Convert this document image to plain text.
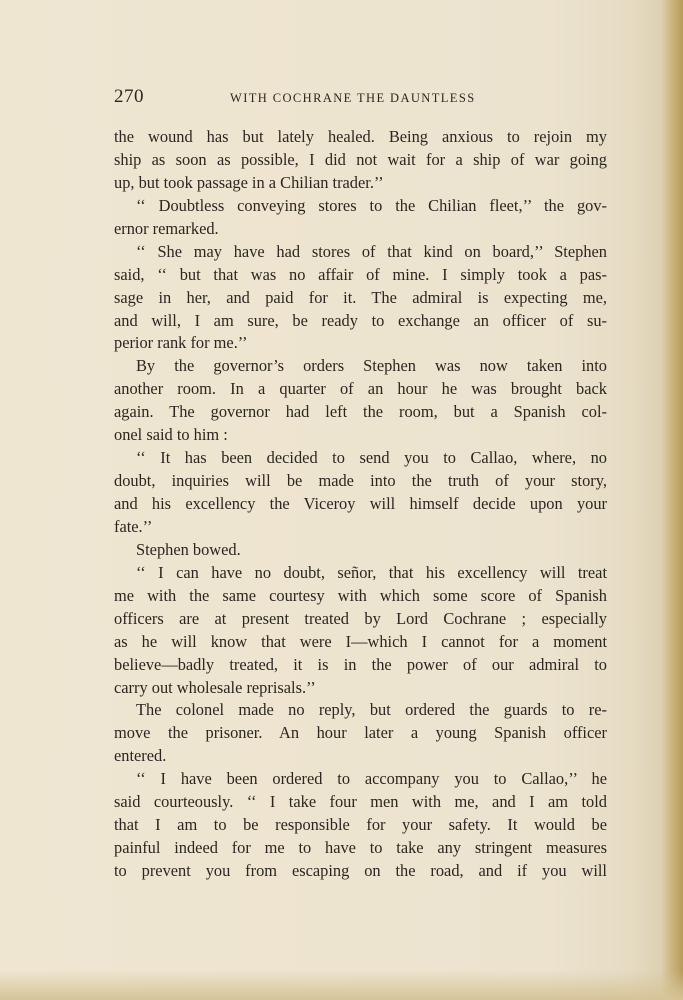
270	WITH COCHRANE THE DAUNTLESS
the wound has but lately healed. Being anxious to rejoin my
ship as soon as possible, I did not wait for a ship of war going
up, but took passage in a Chilian trader.’’
‘‘ Doubtless conveying stores to the Chilian fleet,’’ the gov-
ernor remarked.
‘‘ She may have had stores of that kind on board,’’ Stephen
said, ‘‘ but that was no affair of mine. I simply took a pas-
sage in her, and paid for it. The admiral is expecting me,
and will, I am sure, be ready to exchange an officer of su-
perior rank for me.’’
By the governor’s orders Stephen was now taken into
another room. In a quarter of an hour he was brought back
again. The governor had left the room, but a Spanish col-
onel said to him :
‘‘ It has been decided to send you to Callao, where, no
doubt, inquiries will be made into the truth of your story,
and his excellency the Viceroy will himself decide upon your
fate.’’
Stephen bowed.
‘‘ I can have no doubt, señor, that his excellency will treat
me with the same courtesy with which some score of Spanish
officers are at present treated by Lord Cochrane ; especially
as he will know that were I—which I cannot for a moment
believe—badly treated, it is in the power of our admiral to
carry out wholesale reprisals.’’
The colonel made no reply, but ordered the guards to re-
move the prisoner. An hour later a young Spanish officer
entered.
‘‘ I have been ordered to accompany you to Callao,’’ he
said courteously. ‘‘ I take four men with me, and I am told
that I am to be responsible for your safety. It would be
painful indeed for me to have to take any stringent measures
to prevent you from escaping on the road, and if you will
